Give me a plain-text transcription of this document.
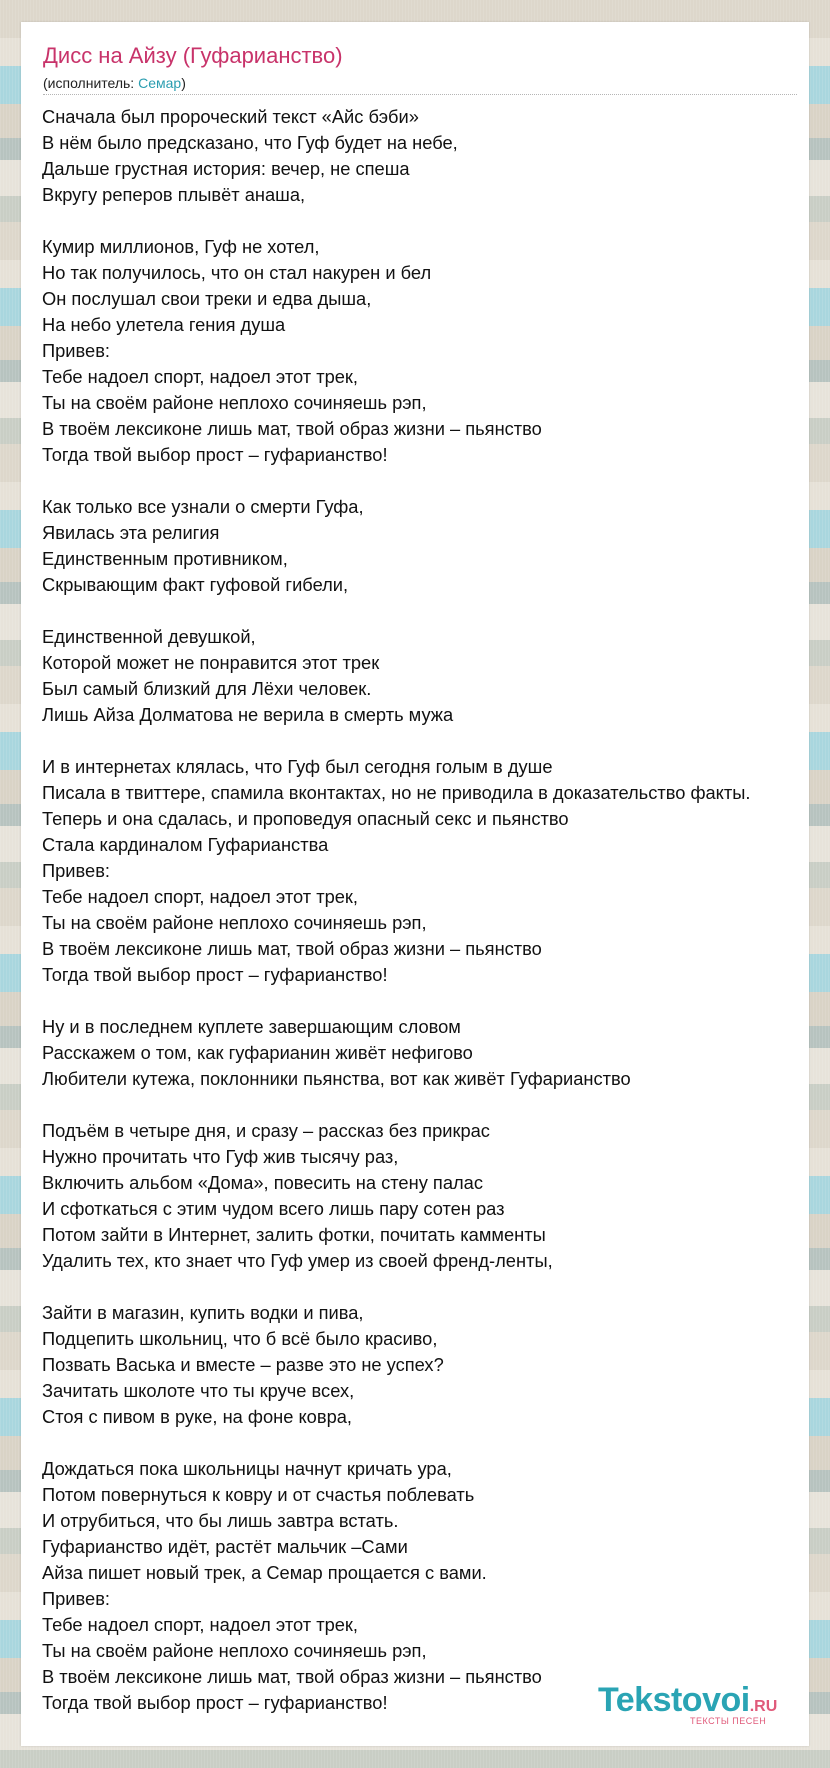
Дисс на Айзу (Гуфарианство)
(исполнитель: Семар)
Сначала был пророческий текст «Айс бэби»
В нём было предсказано, что Гуф будет на небе,
Дальше грустная история: вечер, не спеша
Вкругу реперов плывёт анаша,
Кумир миллионов, Гуф не хотел,
Но так получилось, что он стал накурен и бел
Он послушал свои треки и едва дыша,
На небо улетела гения душа
Привев:
Тебе надоел спорт, надоел этот трек,
Ты на своём районе неплохо сочиняешь рэп,
В твоём лексиконе лишь мат, твой образ жизни – пьянство
Тогда твой выбор прост – гуфарианство!
Как только все узнали о смерти Гуфа,
Явилась эта религия
Единственным противником,
Скрывающим факт гуфовой гибели,
Единственной девушкой,
Которой может не понравится этот трек
Был самый близкий для Лёхи человек.
Лишь Айза Долматова не верила в смерть мужа
И в интернетах клялась, что Гуф был сегодня голым в душе
Писала в твиттере, спамила вконтактах, но не приводила в доказательство факты.
Теперь и она сдалась, и проповедуя опасный секс и пьянство
Стала кардиналом Гуфарианства
Привев:
Тебе надоел спорт, надоел этот трек,
Ты на своём районе неплохо сочиняешь рэп,
В твоём лексиконе лишь мат, твой образ жизни – пьянство
Тогда твой выбор прост – гуфарианство!
Ну и в последнем куплете завершающим словом
Расскажем о том, как гуфарианин живёт нефигово
Любители кутежа, поклонники пьянства, вот как живёт Гуфарианство
Подъём в четыре дня, и сразу – рассказ без прикрас
Нужно прочитать что Гуф жив тысячу раз,
Включить альбом «Дома», повесить на стену палас
И сфоткаться с этим чудом всего лишь пару сотен раз
Потом зайти в Интернет, залить фотки, почитать камменты
Удалить тех, кто знает что Гуф умер из своей френд-ленты,
Зайти в магазин, купить водки и пива,
Подцепить школьниц, что б всё было красиво,
Позвать Васька и вместе – разве это не успех?
Зачитать школоте что ты круче всех,
Стоя с пивом в руке, на фоне ковра,
Дождаться пока школьницы начнут кричать ура,
Потом повернуться к ковру и от счастья поблевать
И отрубиться, что бы лишь завтра встать.
Гуфарианство идёт, растёт мальчик –Сами
Айза пишет новый трек, а Семар прощается с вами.
Привев:
Тебе надоел спорт, надоел этот трек,
Ты на своём районе неплохо сочиняешь рэп,
В твоём лексиконе лишь мат, твой образ жизни – пьянство
Тогда твой выбор прост – гуфарианство!	Tekstovoi.RU
ТЕКСТЫ ПЕСЕН
